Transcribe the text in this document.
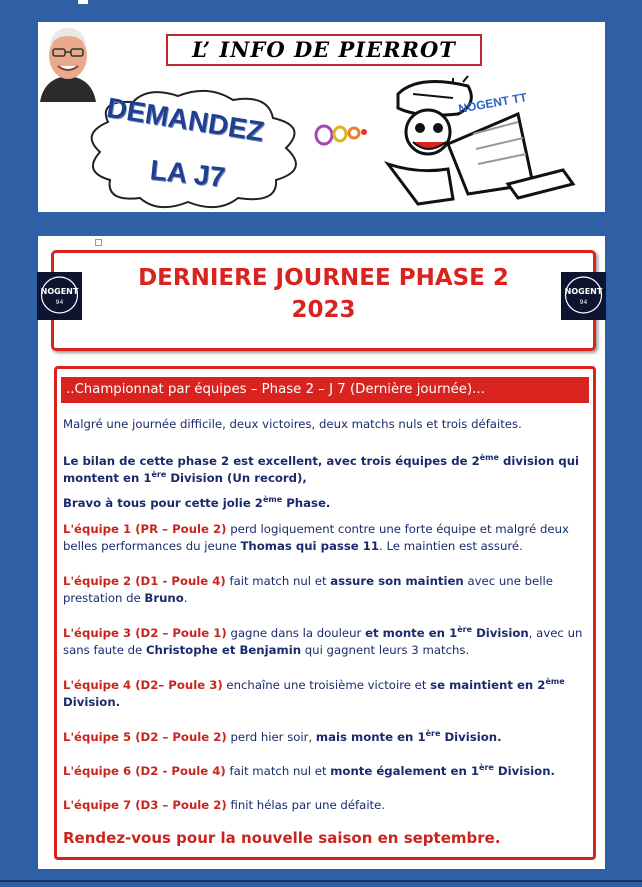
L’ INFO DE PIERROT
DEMANDEZ
LA J7
NOGENT TT
DERNIERE JOURNEE PHASE 2
2023
NOGENT
94
NOGENT
94
..Championnat par équipes – Phase 2 – J 7 (Dernière journée)...
Malgré une journée difficile, deux victoires, deux matchs nuls et trois défaites.
Le bilan de cette phase 2 est excellent, avec trois équipes de 2ème division qui montent en 1ère Division (Un record),
Bravo à tous pour cette jolie 2ème Phase.
L'équipe 1 (PR – Poule 2) perd logiquement contre une forte équipe et malgré deux belles performances du jeune Thomas qui passe 11. Le maintien est assuré.
L'équipe 2 (D1 - Poule 4) fait match nul et assure son maintien avec une belle prestation de Bruno.
L'équipe 3 (D2 – Poule 1) gagne dans la douleur et monte en 1ère Division, avec un sans faute de Christophe et Benjamin qui gagnent leurs 3 matchs.
L'équipe 4 (D2– Poule 3) enchaîne une troisième victoire et se maintient en 2ème Division.
L'équipe 5 (D2 – Poule 2) perd hier soir, mais monte en 1ère Division.
L'équipe 6 (D2 - Poule 4) fait match nul et monte également en 1ère Division.
L'équipe 7 (D3 – Poule 2) finit hélas par une défaite.
Rendez-vous pour la nouvelle saison en septembre.
